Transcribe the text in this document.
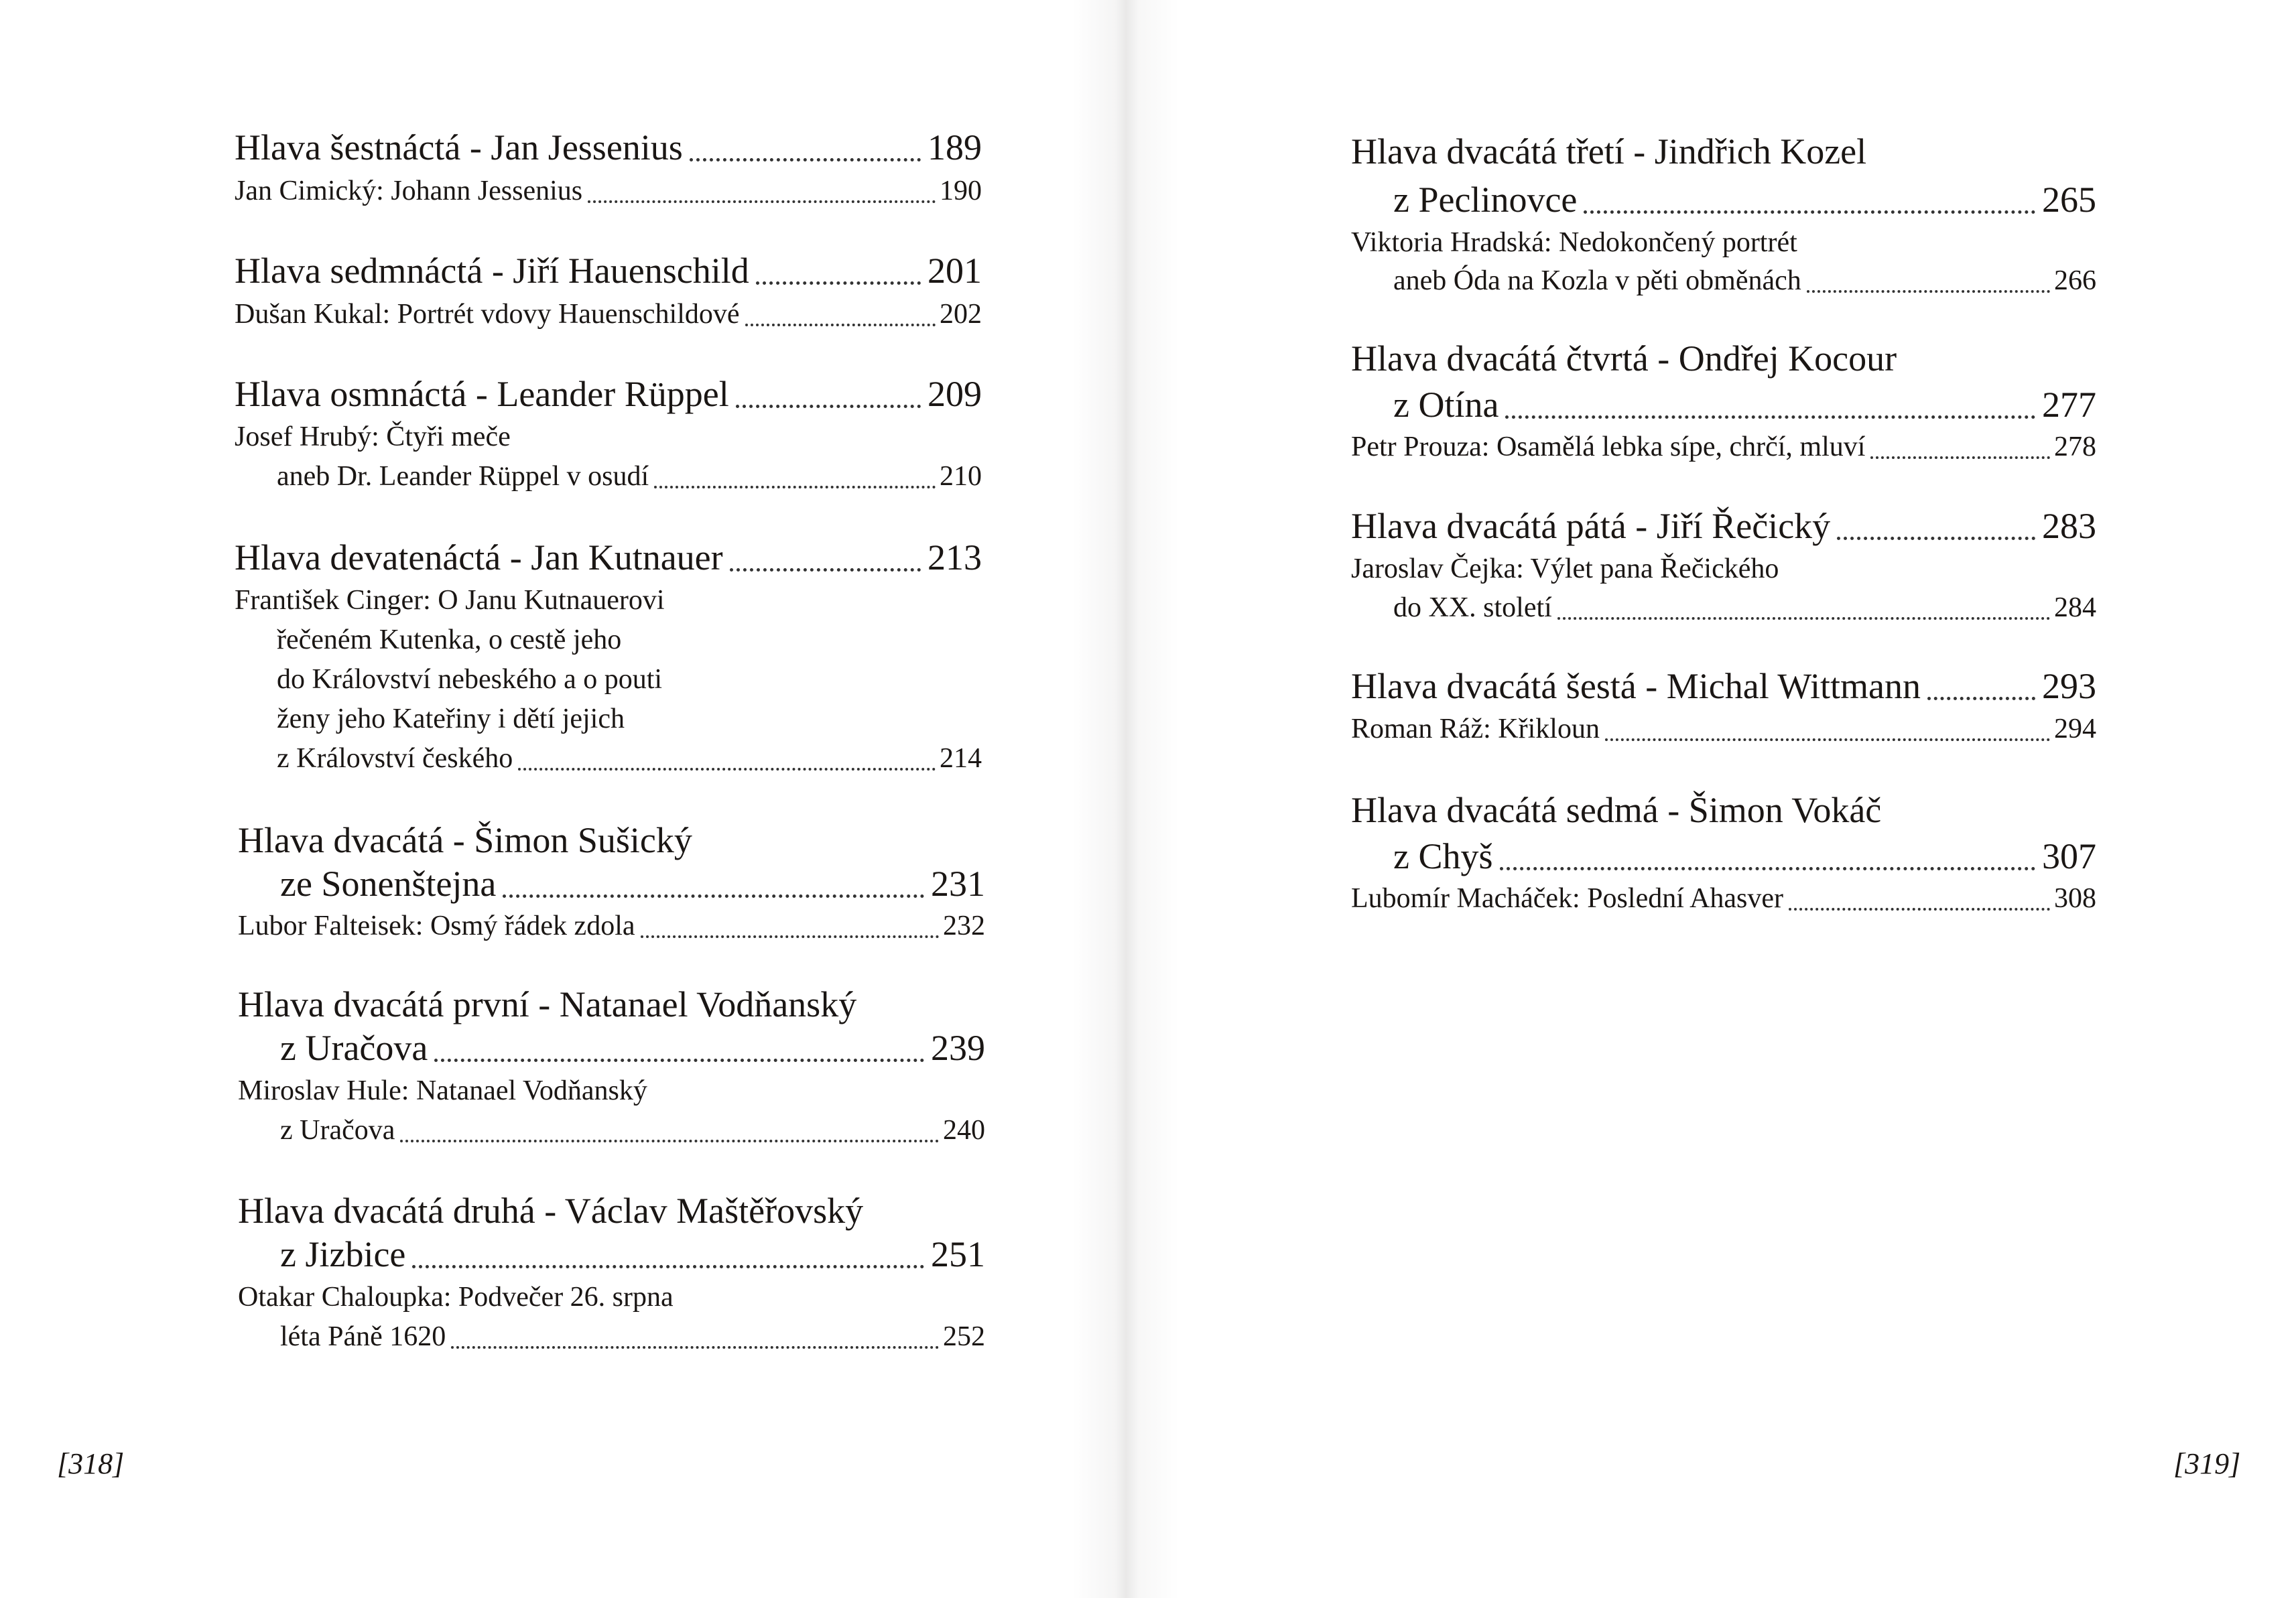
Hlava šestnáctá - Jan Jessenius	189
Jan Cimický: Johann Jessenius	190
Hlava sedmnáctá - Jiří Hauenschild	201
Dušan Kukal: Portrét vdovy Hauenschildové	202
Hlava osmnáctá - Leander Rüppel	209
Josef Hrubý: Čtyři meče
aneb Dr. Leander Rüppel v osudí	210
Hlava devatenáctá - Jan Kutnauer	213
František Cinger: O Janu Kutnauerovi
řečeném Kutenka, o cestě jeho
do Království nebeského a o pouti
ženy jeho Kateřiny i dětí jejich
z Království českého	214
Hlava dvacátá - Šimon Sušický
ze Sonenštejna	231
Lubor Falteisek: Osmý řádek zdola	232
Hlava dvacátá první - Natanael Vodňanský
z Uračova	239
Miroslav Hule: Natanael Vodňanský
z Uračova	240
Hlava dvacátá druhá - Václav Maštěřovský
z Jizbice	251
Otakar Chaloupka: Podvečer 26. srpna
léta Páně 1620	252
[318]
Hlava dvacátá třetí - Jindřich Kozel
z Peclinovce	265
Viktoria Hradská: Nedokončený portrét
aneb Óda na Kozla v pěti obměnách	266
Hlava dvacátá čtvrtá - Ondřej Kocour
z Otína	277
Petr Prouza: Osamělá lebka sípe, chrčí, mluví	278
Hlava dvacátá pátá - Jiří Řečický	283
Jaroslav Čejka: Výlet pana Řečického
do XX. století	284
Hlava dvacátá šestá - Michal Wittmann	293
Roman Ráž: Křikloun	294
Hlava dvacátá sedmá - Šimon Vokáč
z Chyš	307
Lubomír Macháček: Poslední Ahasver	308
[319]
